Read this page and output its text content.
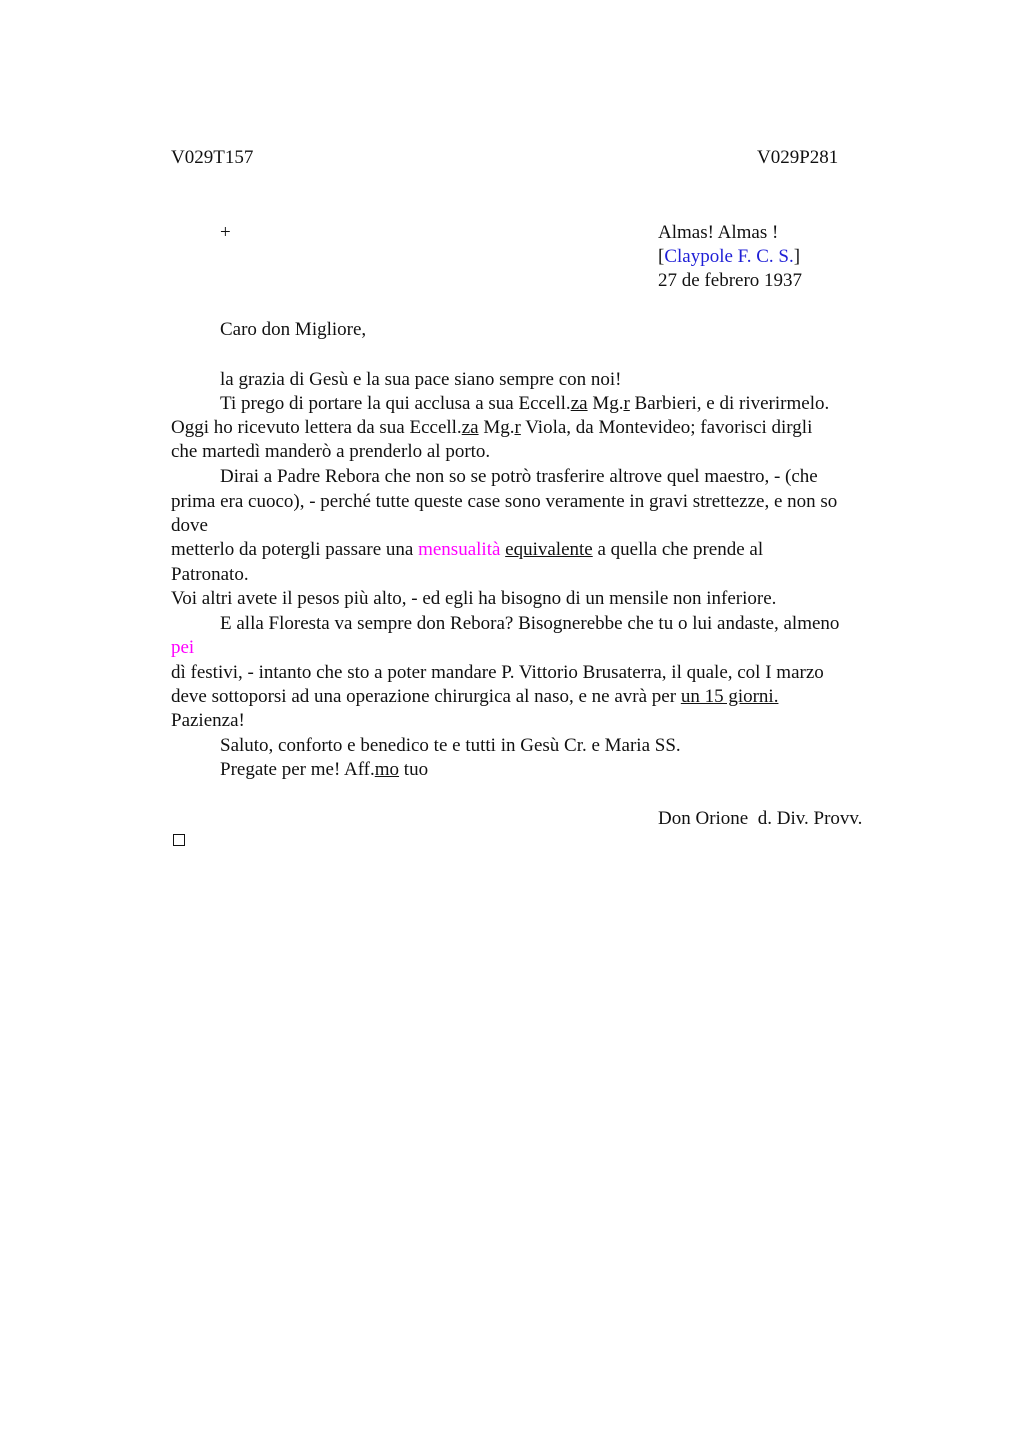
V029T157	V029P281

+	Almas! Almas !

[Claypole F. C. S.]

27 de febrero 1937

Caro don Migliore,

la grazia di Gesù e la sua pace siano sempre con noi!

Ti prego di portare la qui acclusa a sua Eccell.za Mg.r Barbieri, e di riverirmelo.

Oggi ho ricevuto lettera da sua Eccell.za Mg.r Viola, da Montevideo; favorisci dirgli

che martedì manderò a prenderlo al porto.

Dirai a Padre Rebora che non so se potrò trasferire altrove quel maestro, - (che

prima era cuoco), - perché tutte queste case sono veramente in gravi strettezze, e non so

dove

metterlo da potergli passare una mensualità equivalente a quella che prende al

Patronato.

Voi altri avete il pesos più alto, - ed egli ha bisogno di un mensile non inferiore.

E alla Floresta va sempre don Rebora? Bisognerebbe che tu o lui andaste, almeno

pei

dì festivi, - intanto che sto a poter mandare P. Vittorio Brusaterra, il quale, col I marzo

deve sottoporsi ad una operazione chirurgica al naso, e ne avrà per un 15 giorni.

Pazienza!

Saluto, conforto e benedico te e tutti in Gesù Cr. e Maria SS.

Pregate per me! Aff.mo tuo

Don Orione  d. Div. Provv.
